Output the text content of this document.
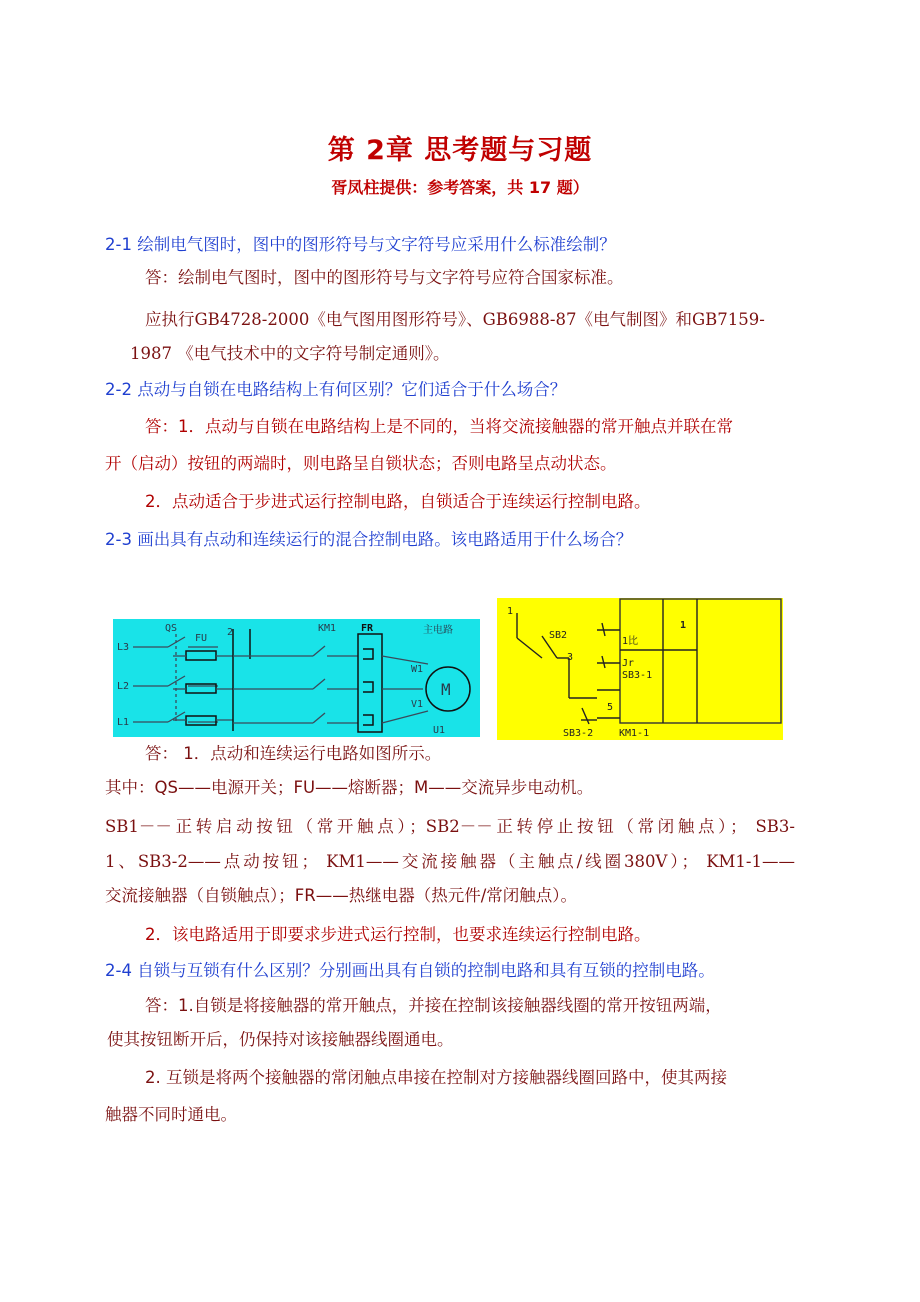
第 2章 思考题与习题
胥凤柱提供：参考答案，共 17 题）
2-1 绘制电气图时，图中的图形符号与文字符号应采用什么标准绘制？
答：绘制电气图时，图中的图形符号与文字符号应符合国家标准。
应执行GB4728-2000《电气图用图形符号》、GB6988-87《电气制图》和GB7159-
1987 《电气技术中的文字符号制定通则》。
2-2 点动与自锁在电路结构上有何区别？它们适合于什么场合？
答：1．点动与自锁在电路结构上是不同的，当将交流接触器的常开触点并联在常
开（启动）按钮的两端时，则电路呈自锁状态；否则电路呈点动状态。
2．点动适合于步进式运行控制电路，自锁适合于连续运行控制电路。
2-3 画出具有点动和连续运行的混合控制电路。该电路适用于什么场合？
L3
L2
L1
QS
FU
2	KM1 FR	主电路
W1
V1
U1
M
1
SB2
3
1比
Jr
SB3-1
5
SB3-2	KM1-1
1
答： 1．点动和连续运行电路如图所示。
其中：QS——电源开关；FU——熔断器；M——交流异步电动机。
SB1－－正转启动按钮（常开触点）；SB2－－正转停止按钮（常闭触点）； SB3-
1、SB3-2——点动按钮； KM1——交流接触器（主触点/线圈380V）； KM1-1——
交流接触器（自锁触点）；FR——热继电器（热元件/常闭触点）。
2．该电路适用于即要求步进式运行控制，也要求连续运行控制电路。
2-4 自锁与互锁有什么区别？分别画出具有自锁的控制电路和具有互锁的控制电路。
答：1.自锁是将接触器的常开触点，并接在控制该接触器线圈的常开按钮两端，
使其按钮断开后，仍保持对该接触器线圈通电。
2. 互锁是将两个接触器的常闭触点串接在控制对方接触器线圈回路中，使其两接
触器不同时通电。
